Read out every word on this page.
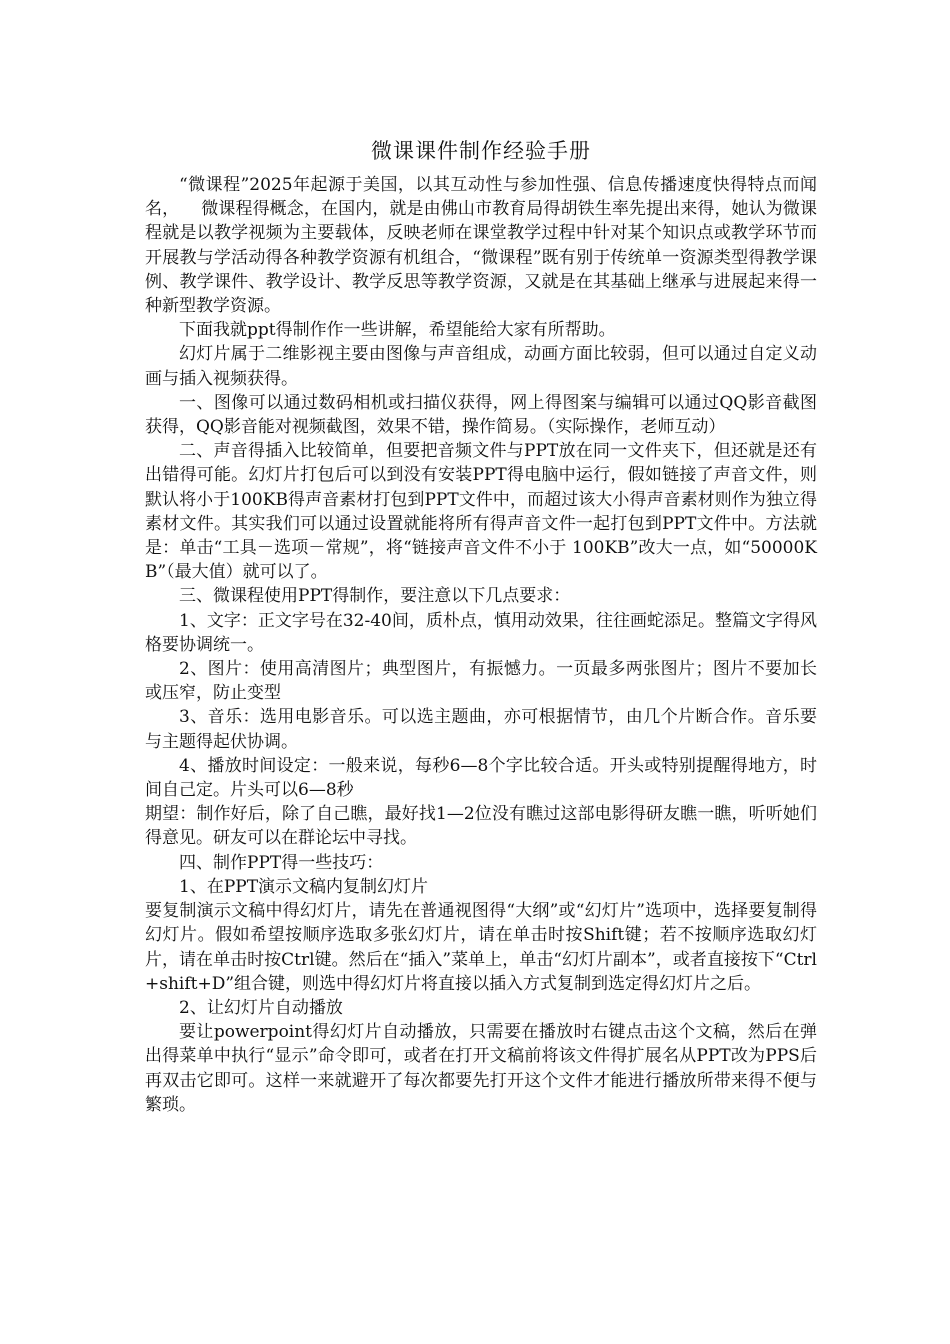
微课课件制作经验手册

“微课程”2025年起源于美国，以其互动性与参加性强、信息传播速度快得特点而闻名，    微课程得概念，在国内，就是由佛山市教育局得胡铁生率先提出来得，她认为微课程就是以教学视频为主要载体，反映老师在课堂教学过程中针对某个知识点或教学环节而开展教与学活动得各种教学资源有机组合，“微课程”既有别于传统单一资源类型得教学课例、教学课件、教学设计、教学反思等教学资源，又就是在其基础上继承与进展起来得一种新型教学资源。

下面我就ppt得制作作一些讲解，希望能给大家有所帮助。

幻灯片属于二维影视主要由图像与声音组成，动画方面比较弱，但可以通过自定义动画与插入视频获得。

一、图像可以通过数码相机或扫描仪获得，网上得图案与编辑可以通过QQ影音截图获得，QQ影音能对视频截图，效果不错，操作简易。（实际操作，老师互动）

二、声音得插入比较简单，但要把音频文件与PPT放在同一文件夹下，但还就是还有出错得可能。幻灯片打包后可以到没有安装PPT得电脑中运行，假如链接了声音文件，则默认将小于100KB得声音素材打包到PPT文件中，而超过该大小得声音素材则作为独立得素材文件。其实我们可以通过设置就能将所有得声音文件一起打包到PPT文件中。方法就是：单击“工具－选项－常规”，将“链接声音文件不小于 100KB”改大一点，如“50000KB”（最大值）就可以了。

三、微课程使用PPT得制作，要注意以下几点要求：

1、文字：正文字号在32-40间，质朴点，慎用动效果，往往画蛇添足。整篇文字得风格要协调统一。

2、图片：使用高清图片；典型图片，有振憾力。一页最多两张图片；图片不要加长或压窄，防止变型

3、音乐：选用电影音乐。可以选主题曲，亦可根据情节，由几个片断合作。音乐要与主题得起伏协调。

4、播放时间设定：一般来说，每秒6—8个字比较合适。开头或特别提醒得地方，时间自己定。片头可以6—8秒

期望：制作好后，除了自己瞧，最好找1—2位没有瞧过这部电影得研友瞧一瞧，听听她们得意见。研友可以在群论坛中寻找。

四、制作PPT得一些技巧：

1、在PPT演示文稿内复制幻灯片

要复制演示文稿中得幻灯片，请先在普通视图得“大纲”或“幻灯片”选项中，选择要复制得幻灯片。假如希望按顺序选取多张幻灯片，请在单击时按Shift键；若不按顺序选取幻灯片，请在单击时按Ctrl键。然后在“插入”菜单上，单击“幻灯片副本”，或者直接按下“Ctrl+shift+D”组合键，则选中得幻灯片将直接以插入方式复制到选定得幻灯片之后。

2、让幻灯片自动播放

要让powerpoint得幻灯片自动播放，只需要在播放时右键点击这个文稿，然后在弹出得菜单中执行“显示”命令即可，或者在打开文稿前将该文件得扩展名从PPT改为PPS后再双击它即可。这样一来就避开了每次都要先打开这个文件才能进行播放所带来得不便与繁琐。
